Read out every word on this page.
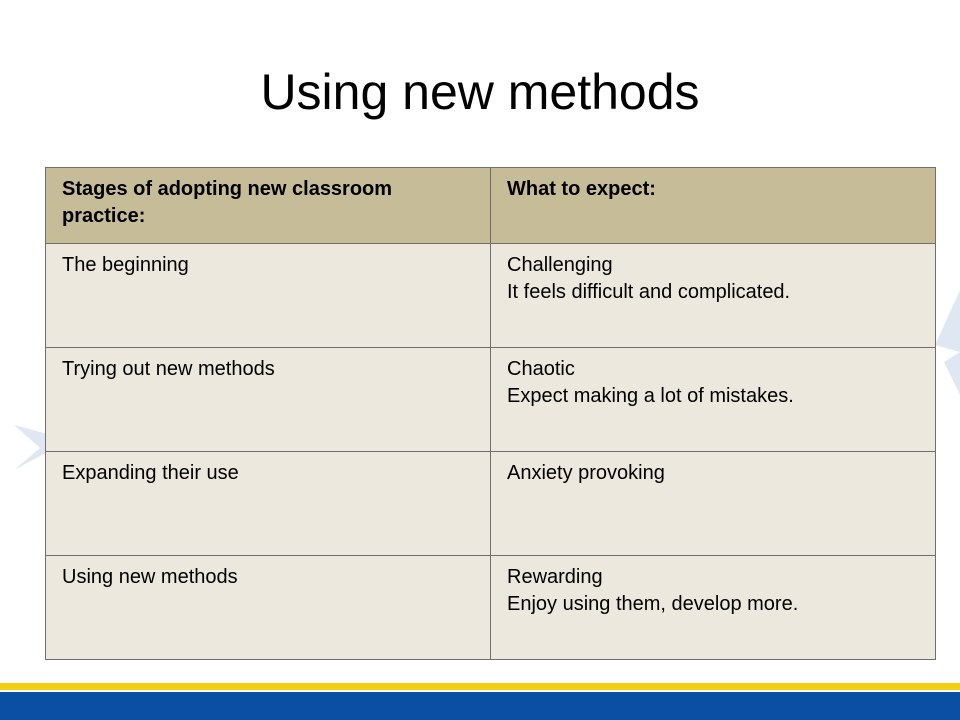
Using new methods
Stages of adopting new classroom practice:	What to expect:
The beginning	Challenging
It feels difficult and complicated.

Trying out new methods	Chaotic
Expect making a lot of mistakes.

Expanding their use	Anxiety provoking

Using new methods	Rewarding
Enjoy using them, develop more.
